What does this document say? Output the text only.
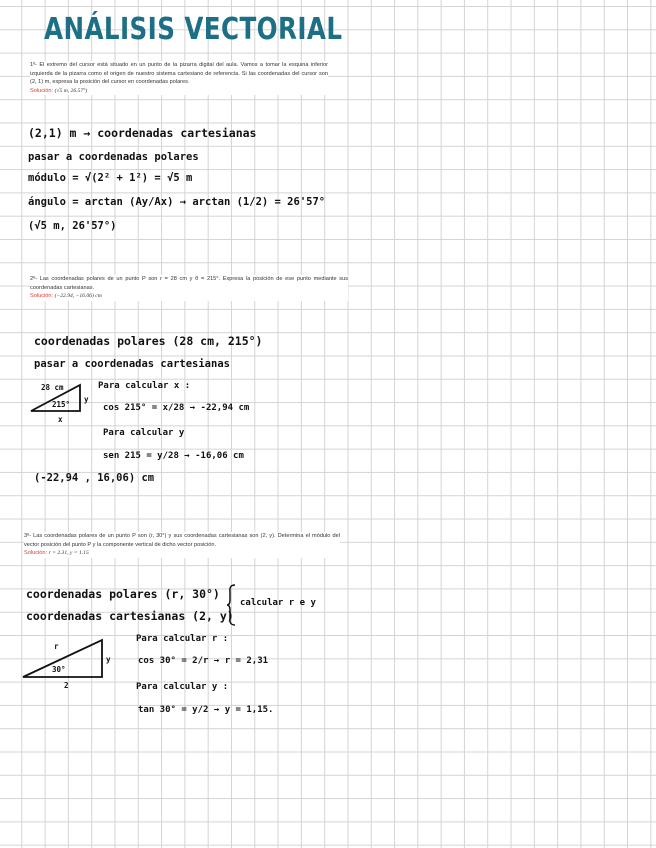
ANÁLISIS VECTORIAL

1º- El extremo del cursor está situado en un punto de la pizarra digital del aula. Vamos a tomar la esquina inferior izquierda de la pizarra como el origen de nuestro sistema cartesiano de referencia. Si las coordenadas del cursor son (2, 1) m, expresa la posición del cursor en coordenadas polares.

Solución: (√5 m, 26.57°)

(2,1) m → coordenadas cartesianas
pasar a coordenadas polares
módulo = √(2² + 1²) = √5 m
ángulo = arctan (Ay/Ax) → arctan (1/2) = 26'57°
(√5 m, 26'57°)

2º- Las coordenadas polares de un punto P son r = 28 cm y θ = 215°. Expresa la posición de ese punto mediante sus coordenadas cartesianas.

Solución: (−22.94, −16.06) cm

coordenadas polares (28 cm, 215°)
pasar a coordenadas cartesianas
28 cm
215°
y
x
Para calcular x :
cos 215° = x/28 → -22,94 cm
Para calcular y
sen 215 = y/28 → -16,06 cm
(-22,94 , 16,06) cm

3º- Las coordenadas polares de un punto P son (r, 30°) y sus coordenadas cartesianas son (2, y). Determina el módulo del vector posición del punto P y la componente vertical de dicho vector posición.

Solución: r = 2.31, y = 1.15

coordenadas polares (r, 30°)
coordenadas cartesianas (2, y)
calcular r e y
r
30°
y
2
Para calcular r :
cos 30° = 2/r → r = 2,31
Para calcular y :
tan 30° = y/2 → y = 1,15.
